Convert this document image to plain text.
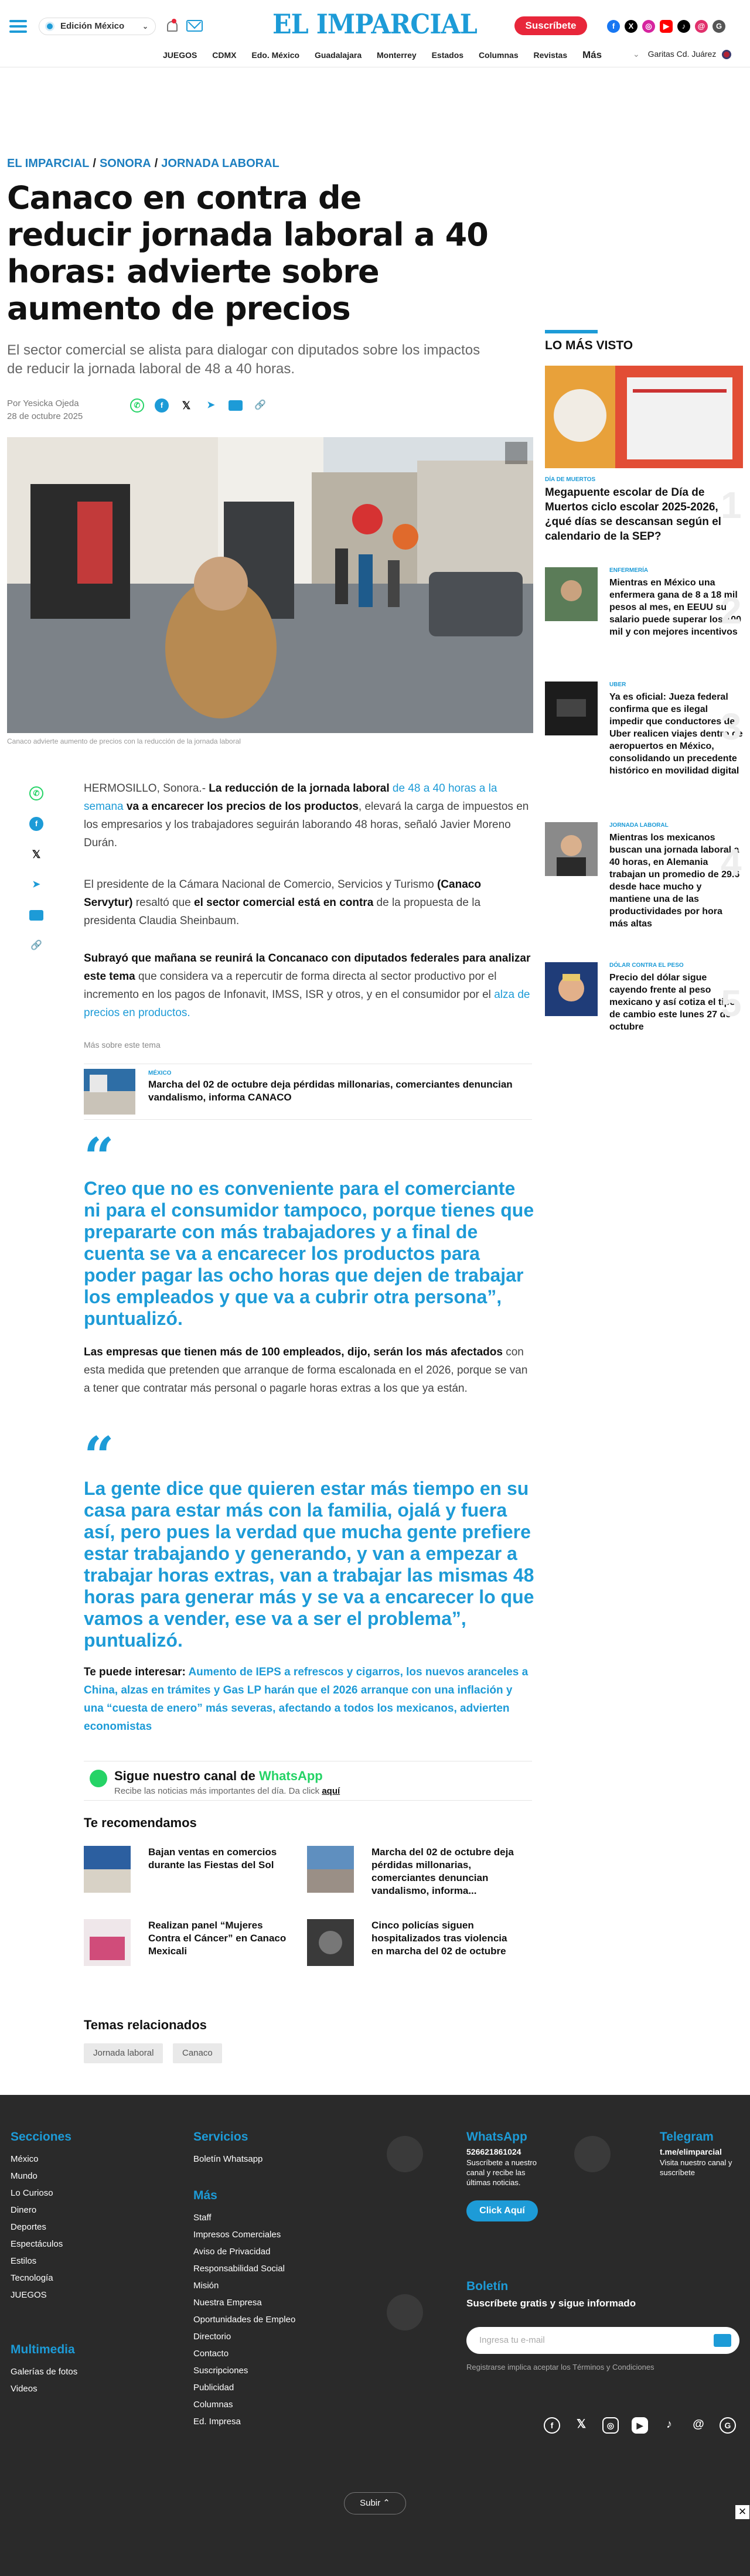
Edición México	⌄	EL IMPARCIAL	Suscríbete	f	X	◎	▶	♪	@	G
JUEGOS CDMX Edo. México Guadalajara Monterrey Estados Columnas Revistas Más	⌄ Garitas Cd. Juárez
EL IMPARCIAL / SONORA / JORNADA LABORAL
Canaco en contra de reducir jornada laboral a 40 horas: advierte sobre aumento de precios
El sector comercial se alista para dialogar con diputados sobre los impactos de reducir la jornada laboral de 48 a 40 horas.
Por Yesicka Ojeda
28 de octubre 2025
✆	f	𝕏	➤	🔗
Canaco advierte aumento de precios con la reducción de la jornada laboral
✆
f
𝕏
➤
🔗

HERMOSILLO, Sonora.- La reducción de la jornada laboral de 48 a 40 horas a la semana va a encarecer los precios de los productos, elevará la carga de impuestos en los empresarios y los trabajadores seguirán laborando 48 horas, señaló Javier Moreno Durán.

El presidente de la Cámara Nacional de Comercio, Servicios y Turismo (Canaco Servytur) resaltó que el sector comercial está en contra de la propuesta de la presidenta Claudia Sheinbaum.

Subrayó que mañana se reunirá la Concanaco con diputados federales para analizar este tema que considera va a repercutir de forma directa al sector productivo por el incremento en los pagos de Infonavit, IMSS, ISR y otros, y en el consumidor por el alza de precios en productos.

Más sobre este tema
MÉXICO
Marcha del 02 de octubre deja pérdidas millonarias, comerciantes denuncian vandalismo, informa CANACO
“
Creo que no es conveniente para el comerciante ni para el consumidor tampoco, porque tienes que prepararte con más trabajadores y a final de cuenta se va a encarecer los productos para poder pagar las ocho horas que dejen de trabajar los empleados y que va a cubrir otra persona”, puntualizó.

Las empresas que tienen más de 100 empleados, dijo, serán los más afectados con esta medida que pretenden que arranque de forma escalonada en el 2026, porque se van a tener que contratar más personal o pagarle horas extras a los que ya están.

“
La gente dice que quieren estar más tiempo en su casa para estar más con la familia, ojalá y fuera así, pero pues la verdad que mucha gente prefiere estar trabajando y generando, y van a empezar a trabajar horas extras, van a trabajar las mismas 48 horas para generar más y se va a encarecer lo que vamos a vender, ese va a ser el problema”, puntualizó.

Te puede interesar: Aumento de IEPS a refrescos y cigarros, los nuevos aranceles a China, alzas en trámites y Gas LP harán que el 2026 arranque con una inflación y una “cuesta de enero” más severas, afectando a todos los mexicanos, advierten economistas

Sigue nuestro canal de WhatsApp
Recibe las noticias más importantes del día. Da click aquí
Te recomendamos
Bajan ventas en comercios durante las Fiestas del Sol
Marcha del 02 de octubre deja pérdidas millonarias, comerciantes denuncian vandalismo, informa...
Realizan panel “Mujeres Contra el Cáncer” en Canaco Mexicali
Cinco policías siguen hospitalizados tras violencia en marcha del 02 de octubre
Temas relacionados
Jornada laboral	Canaco
LO MÁS VISTO
DÍA DE MUERTOS
Megapuente escolar de Día de Muertos ciclo escolar 2025-2026, ¿qué días se descansan según el calendario de la SEP?
1
ENFERMERÍA
Mientras en México una enfermera gana de 8 a 18 mil pesos al mes, en EEUU su salario puede superar los 100 mil y con mejores incentivos
2
UBER
Ya es oficial: Jueza federal confirma que es ilegal impedir que conductores de Uber realicen viajes dentro de aeropuertos en México, consolidando un precedente histórico en movilidad digital
3
JORNADA LABORAL
Mientras los mexicanos buscan una jornada laboral a 40 horas, en Alemania trabajan un promedio de 29.6 desde hace mucho y mantiene una de las productividades por hora más altas
4
DÓLAR CONTRA EL PESO
Precio del dólar sigue cayendo frente al peso mexicano y así cotiza el tipo de cambio este lunes 27 de octubre
5
Secciones
México
Mundo
Lo Curioso
Dinero
Deportes
Espectáculos
Estilos
Tecnología
JUEGOS
Multimedia
Galerías de fotos
Videos
Servicios
Boletín Whatsapp
Más
Staff
Impresos Comerciales
Aviso de Privacidad
Responsabilidad Social
Misión
Nuestra Empresa
Oportunidades de Empleo
Directorio
Contacto
Suscripciones
Publicidad
Columnas
Ed. Impresa
WhatsApp
526621861024
Suscríbete a nuestro canal y recibe las últimas noticias.
Click Aquí
Telegram
t.me/elimparcial
Visita nuestro canal y suscríbete
Boletín
Suscríbete gratis y sigue informado
Ingresa tu e-mail
Registrarse implica aceptar los Términos y Condiciones
f	𝕏	◎	▶	♪	@	G
Subir ⌃
×
